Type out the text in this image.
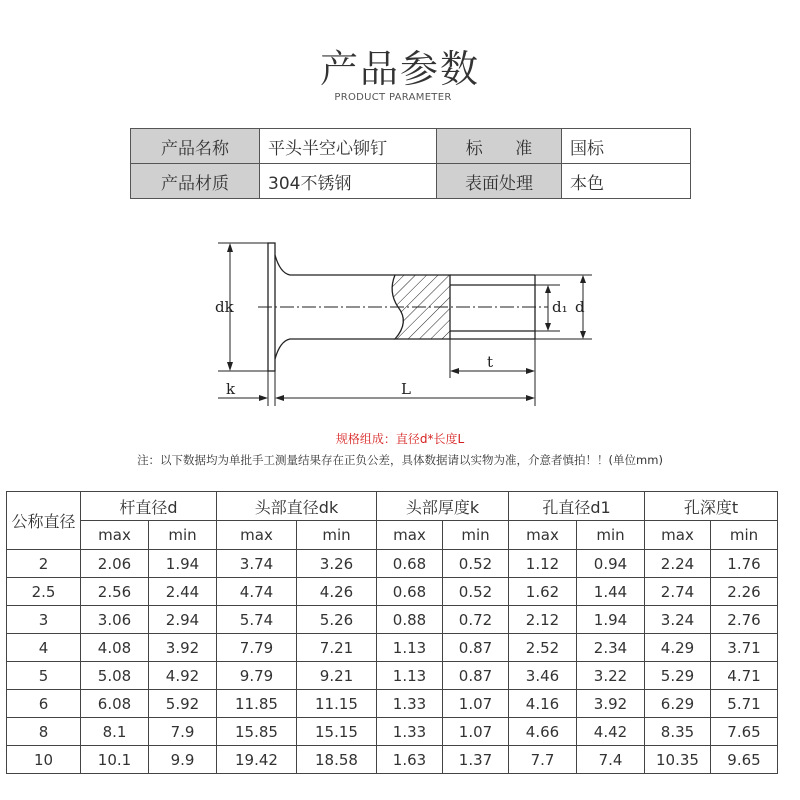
产品参数
PRODUCT PARAMETER
产品名称	平头半空心铆钉	标      准	国标
产品材质	304不锈钢	表面处理	本色
dk
k	L
t
d₁ d
规格组成：直径d*长度L
注：以下数据均为单批手工测量结果存在正负公差，具体数据请以实物为准，介意者慎拍！！(单位mm)
公称直径	杆直径d		头部直径dk		头部厚度k		孔直径d1		孔深度t	
	max	min	max	min	max	min	max	min	max	min
2	2.06	1.94	3.74	3.26	0.68	0.52	1.12	0.94	2.24	1.76
2.5	2.56	2.44	4.74	4.26	0.68	0.52	1.62	1.44	2.74	2.26
3	3.06	2.94	5.74	5.26	0.88	0.72	2.12	1.94	3.24	2.76
4	4.08	3.92	7.79	7.21	1.13	0.87	2.52	2.34	4.29	3.71
5	5.08	4.92	9.79	9.21	1.13	0.87	3.46	3.22	5.29	4.71
6	6.08	5.92	11.85	11.15	1.33	1.07	4.16	3.92	6.29	5.71
8	8.1	7.9	15.85	15.15	1.33	1.07	4.66	4.42	8.35	7.65
10	10.1	9.9	19.42	18.58	1.63	1.37	7.7	7.4	10.35	9.65
